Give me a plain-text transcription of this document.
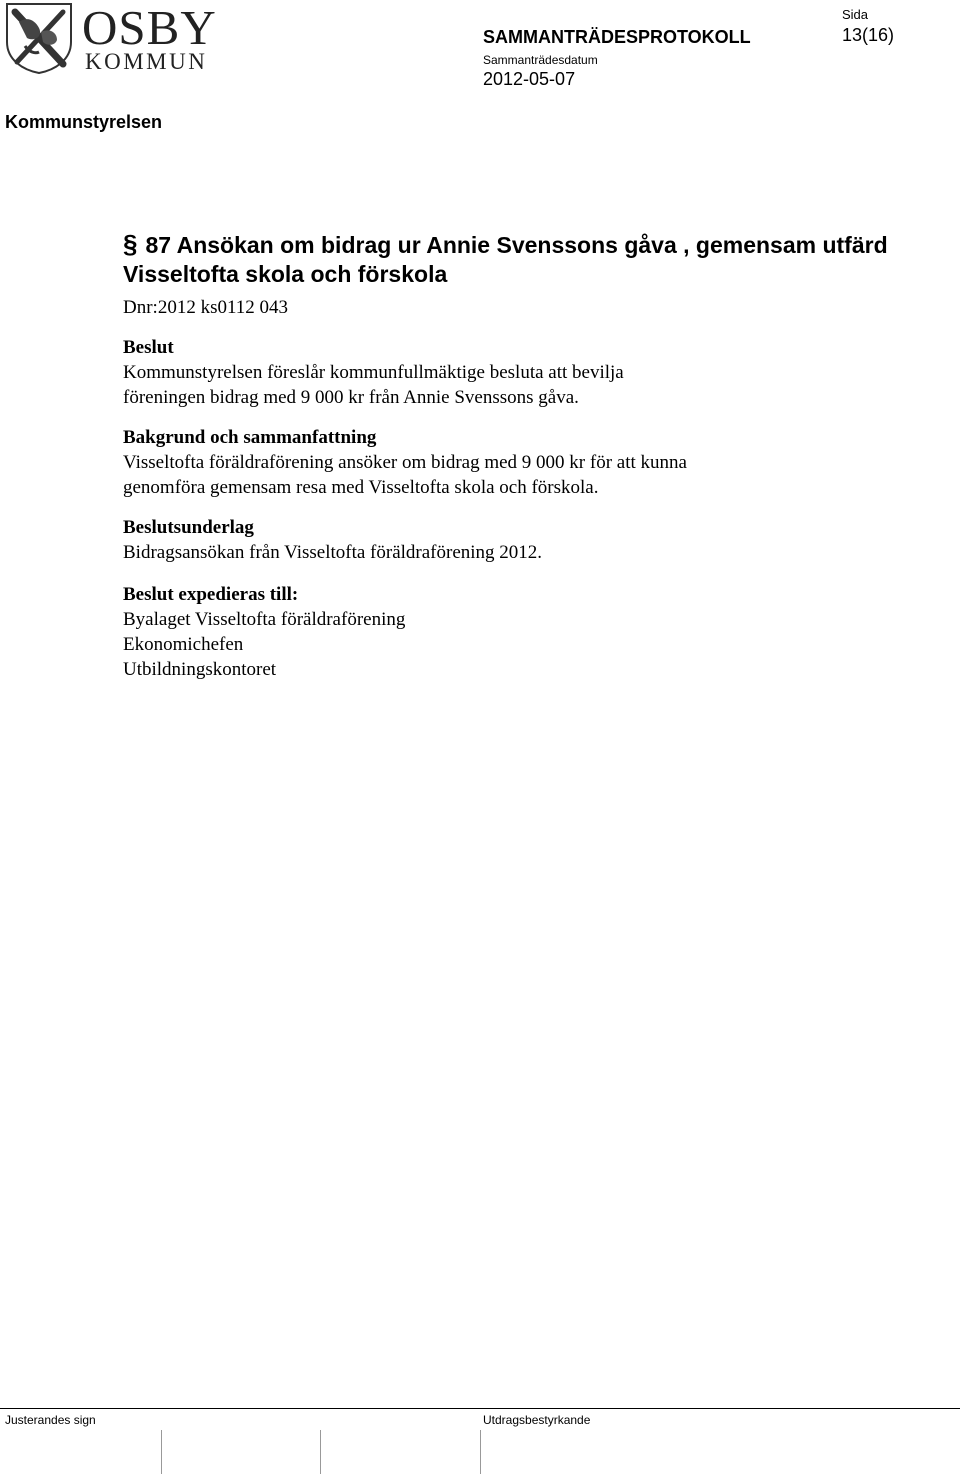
OSBY
KOMMUN
SAMMANTRÄDESPROTOKOLL
Sammanträdesdatum
2012-05-07
Sida
13(16)
Kommunstyrelsen

§ 87 Ansökan om bidrag ur Annie Svenssons gåva , gemensam utfärd Visseltofta skola och förskola

Dnr:2012 ks0112 043

Beslut

Kommunstyrelsen föreslår kommunfullmäktige besluta att bevilja

föreningen bidrag med 9 000 kr från Annie Svenssons gåva.

Bakgrund och sammanfattning

Visseltofta föräldraförening ansöker om bidrag med 9 000 kr för att kunna

genomföra gemensam resa med Visseltofta skola och förskola.

Beslutsunderlag

Bidragsansökan från Visseltofta föräldraförening 2012.

Beslut expedieras till:

Byalaget Visseltofta föräldraförening

Ekonomichefen

Utbildningskontoret

Justerandes sign	Utdragsbestyrkande
